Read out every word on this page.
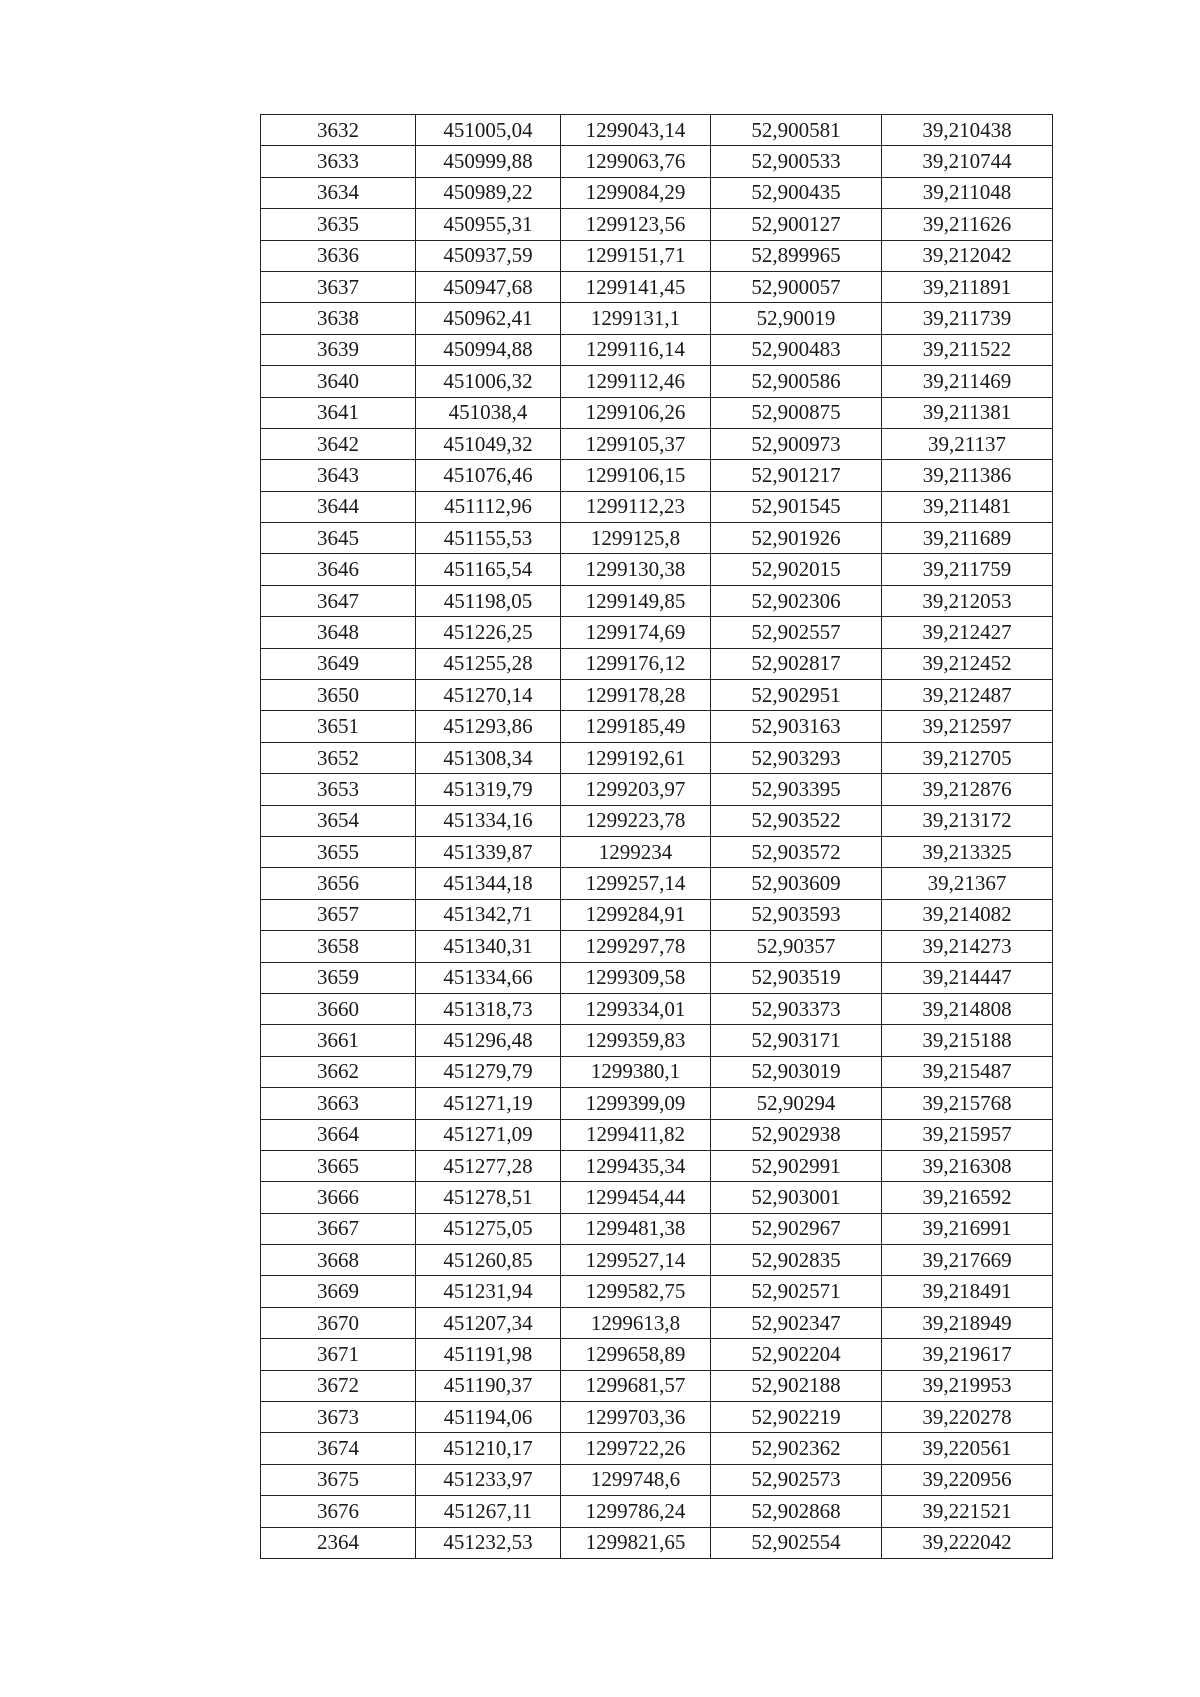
3632	451005,04	1299043,14	52,900581	39,210438
3633	450999,88	1299063,76	52,900533	39,210744
3634	450989,22	1299084,29	52,900435	39,211048
3635	450955,31	1299123,56	52,900127	39,211626
3636	450937,59	1299151,71	52,899965	39,212042
3637	450947,68	1299141,45	52,900057	39,211891
3638	450962,41	1299131,1	52,90019	39,211739
3639	450994,88	1299116,14	52,900483	39,211522
3640	451006,32	1299112,46	52,900586	39,211469
3641	451038,4	1299106,26	52,900875	39,211381
3642	451049,32	1299105,37	52,900973	39,21137
3643	451076,46	1299106,15	52,901217	39,211386
3644	451112,96	1299112,23	52,901545	39,211481
3645	451155,53	1299125,8	52,901926	39,211689
3646	451165,54	1299130,38	52,902015	39,211759
3647	451198,05	1299149,85	52,902306	39,212053
3648	451226,25	1299174,69	52,902557	39,212427
3649	451255,28	1299176,12	52,902817	39,212452
3650	451270,14	1299178,28	52,902951	39,212487
3651	451293,86	1299185,49	52,903163	39,212597
3652	451308,34	1299192,61	52,903293	39,212705
3653	451319,79	1299203,97	52,903395	39,212876
3654	451334,16	1299223,78	52,903522	39,213172
3655	451339,87	1299234	52,903572	39,213325
3656	451344,18	1299257,14	52,903609	39,21367
3657	451342,71	1299284,91	52,903593	39,214082
3658	451340,31	1299297,78	52,90357	39,214273
3659	451334,66	1299309,58	52,903519	39,214447
3660	451318,73	1299334,01	52,903373	39,214808
3661	451296,48	1299359,83	52,903171	39,215188
3662	451279,79	1299380,1	52,903019	39,215487
3663	451271,19	1299399,09	52,90294	39,215768
3664	451271,09	1299411,82	52,902938	39,215957
3665	451277,28	1299435,34	52,902991	39,216308
3666	451278,51	1299454,44	52,903001	39,216592
3667	451275,05	1299481,38	52,902967	39,216991
3668	451260,85	1299527,14	52,902835	39,217669
3669	451231,94	1299582,75	52,902571	39,218491
3670	451207,34	1299613,8	52,902347	39,218949
3671	451191,98	1299658,89	52,902204	39,219617
3672	451190,37	1299681,57	52,902188	39,219953
3673	451194,06	1299703,36	52,902219	39,220278
3674	451210,17	1299722,26	52,902362	39,220561
3675	451233,97	1299748,6	52,902573	39,220956
3676	451267,11	1299786,24	52,902868	39,221521
2364	451232,53	1299821,65	52,902554	39,222042
